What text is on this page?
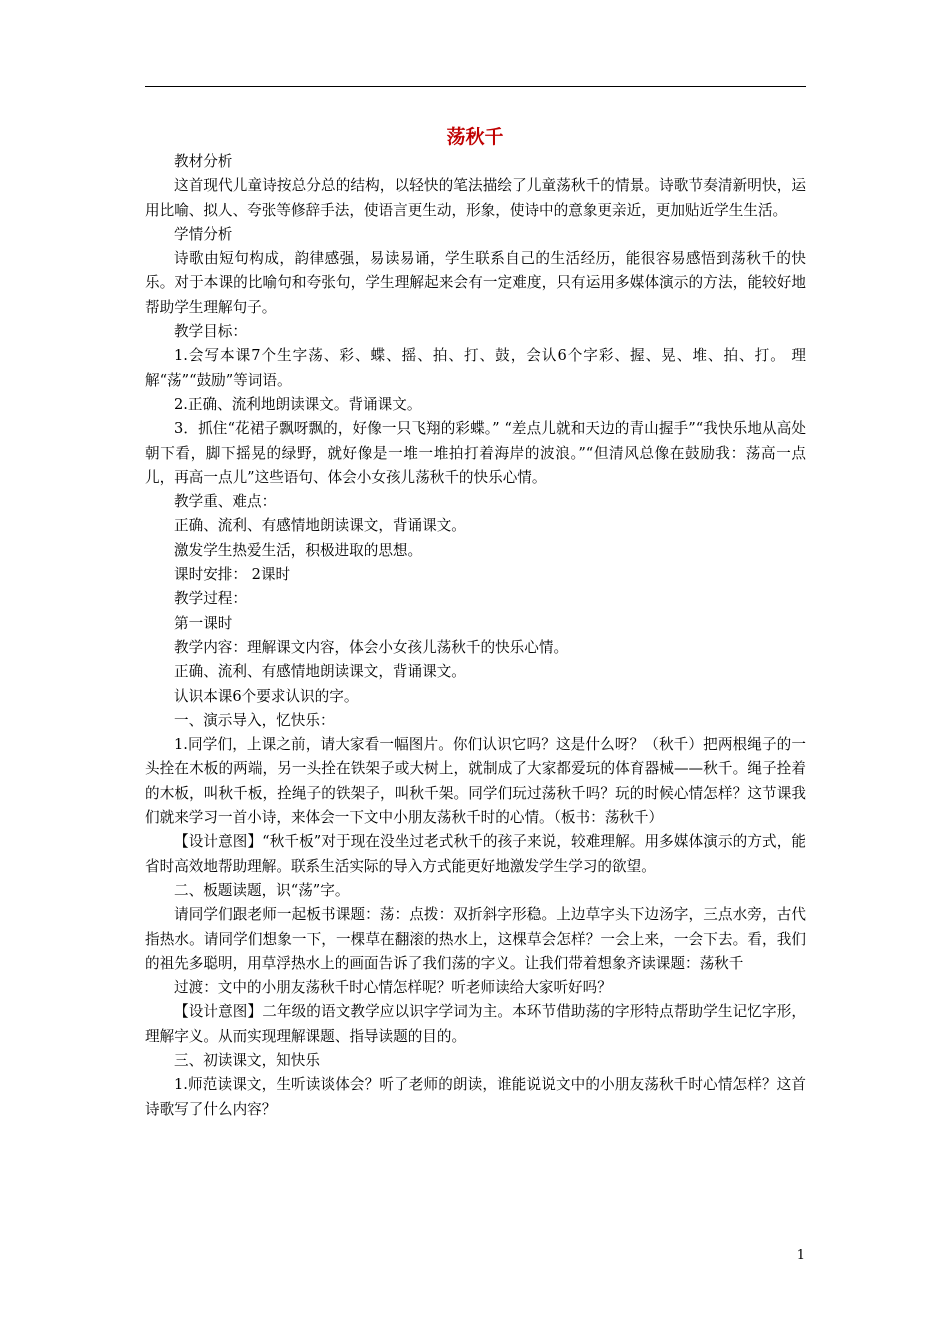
荡秋千

教材分析

这首现代儿童诗按总分总的结构，以轻快的笔法描绘了儿童荡秋千的情景。诗歌节奏清新明快，运用比喻、拟人、夸张等修辞手法，使语言更生动，形象，使诗中的意象更亲近，更加贴近学生生活。

学情分析

诗歌由短句构成，韵律感强，易读易诵，学生联系自己的生活经历，能很容易感悟到荡秋千的快乐。对于本课的比喻句和夸张句，学生理解起来会有一定难度，只有运用多媒体演示的方法，能较好地帮助学生理解句子。

教学目标：

1.会写本课7个生字荡、彩、蝶、摇、拍、打、鼓，会认6个字彩、握、晃、堆、拍、打。 理解“荡”“鼓励”等词语。

2.正确、流利地朗读课文。背诵课文。

3．抓住“花裙子飘呀飘的，好像一只飞翔的彩蝶。” “差点儿就和天边的青山握手”“我快乐地从高处朝下看，脚下摇晃的绿野，就好像是一堆一堆拍打着海岸的波浪。”“但清风总像在鼓励我：荡高一点儿，再高一点儿”这些语句、体会小女孩儿荡秋千的快乐心情。

教学重、难点：

正确、流利、有感情地朗读课文，背诵课文。

激发学生热爱生活，积极进取的思想。

课时安排： 2课时

教学过程：

第一课时

教学内容：理解课文内容，体会小女孩儿荡秋千的快乐心情。

正确、流利、有感情地朗读课文，背诵课文。

认识本课6个要求认识的字。

一、演示导入，忆快乐：

1.同学们，上课之前，请大家看一幅图片。你们认识它吗？这是什么呀？（秋千）把两根绳子的一头拴在木板的两端，另一头拴在铁架子或大树上，就制成了大家都爱玩的体育器械——秋千。绳子拴着的木板，叫秋千板，拴绳子的铁架子，叫秋千架。同学们玩过荡秋千吗？玩的时候心情怎样？这节课我们就来学习一首小诗，来体会一下文中小朋友荡秋千时的心情。（板书：荡秋千）

【设计意图】“秋千板”对于现在没坐过老式秋千的孩子来说，较难理解。用多媒体演示的方式，能省时高效地帮助理解。联系生活实际的导入方式能更好地激发学生学习的欲望。

二、板题读题，识“荡”字。

请同学们跟老师一起板书课题：荡：点拨：双折斜字形稳。上边草字头下边汤字，三点水旁，古代指热水。请同学们想象一下，一棵草在翻滚的热水上，这棵草会怎样？一会上来，一会下去。看，我们的祖先多聪明，用草浮热水上的画面告诉了我们荡的字义。让我们带着想象齐读课题：荡秋千

过渡：文中的小朋友荡秋千时心情怎样呢？听老师读给大家听好吗？

【设计意图】二年级的语文教学应以识字学词为主。本环节借助荡的字形特点帮助学生记忆字形，理解字义。从而实现理解课题、指导读题的目的。

三、初读课文，知快乐

1.师范读课文，生听读谈体会？听了老师的朗读，谁能说说文中的小朋友荡秋千时心情怎样？这首诗歌写了什么内容？

1
